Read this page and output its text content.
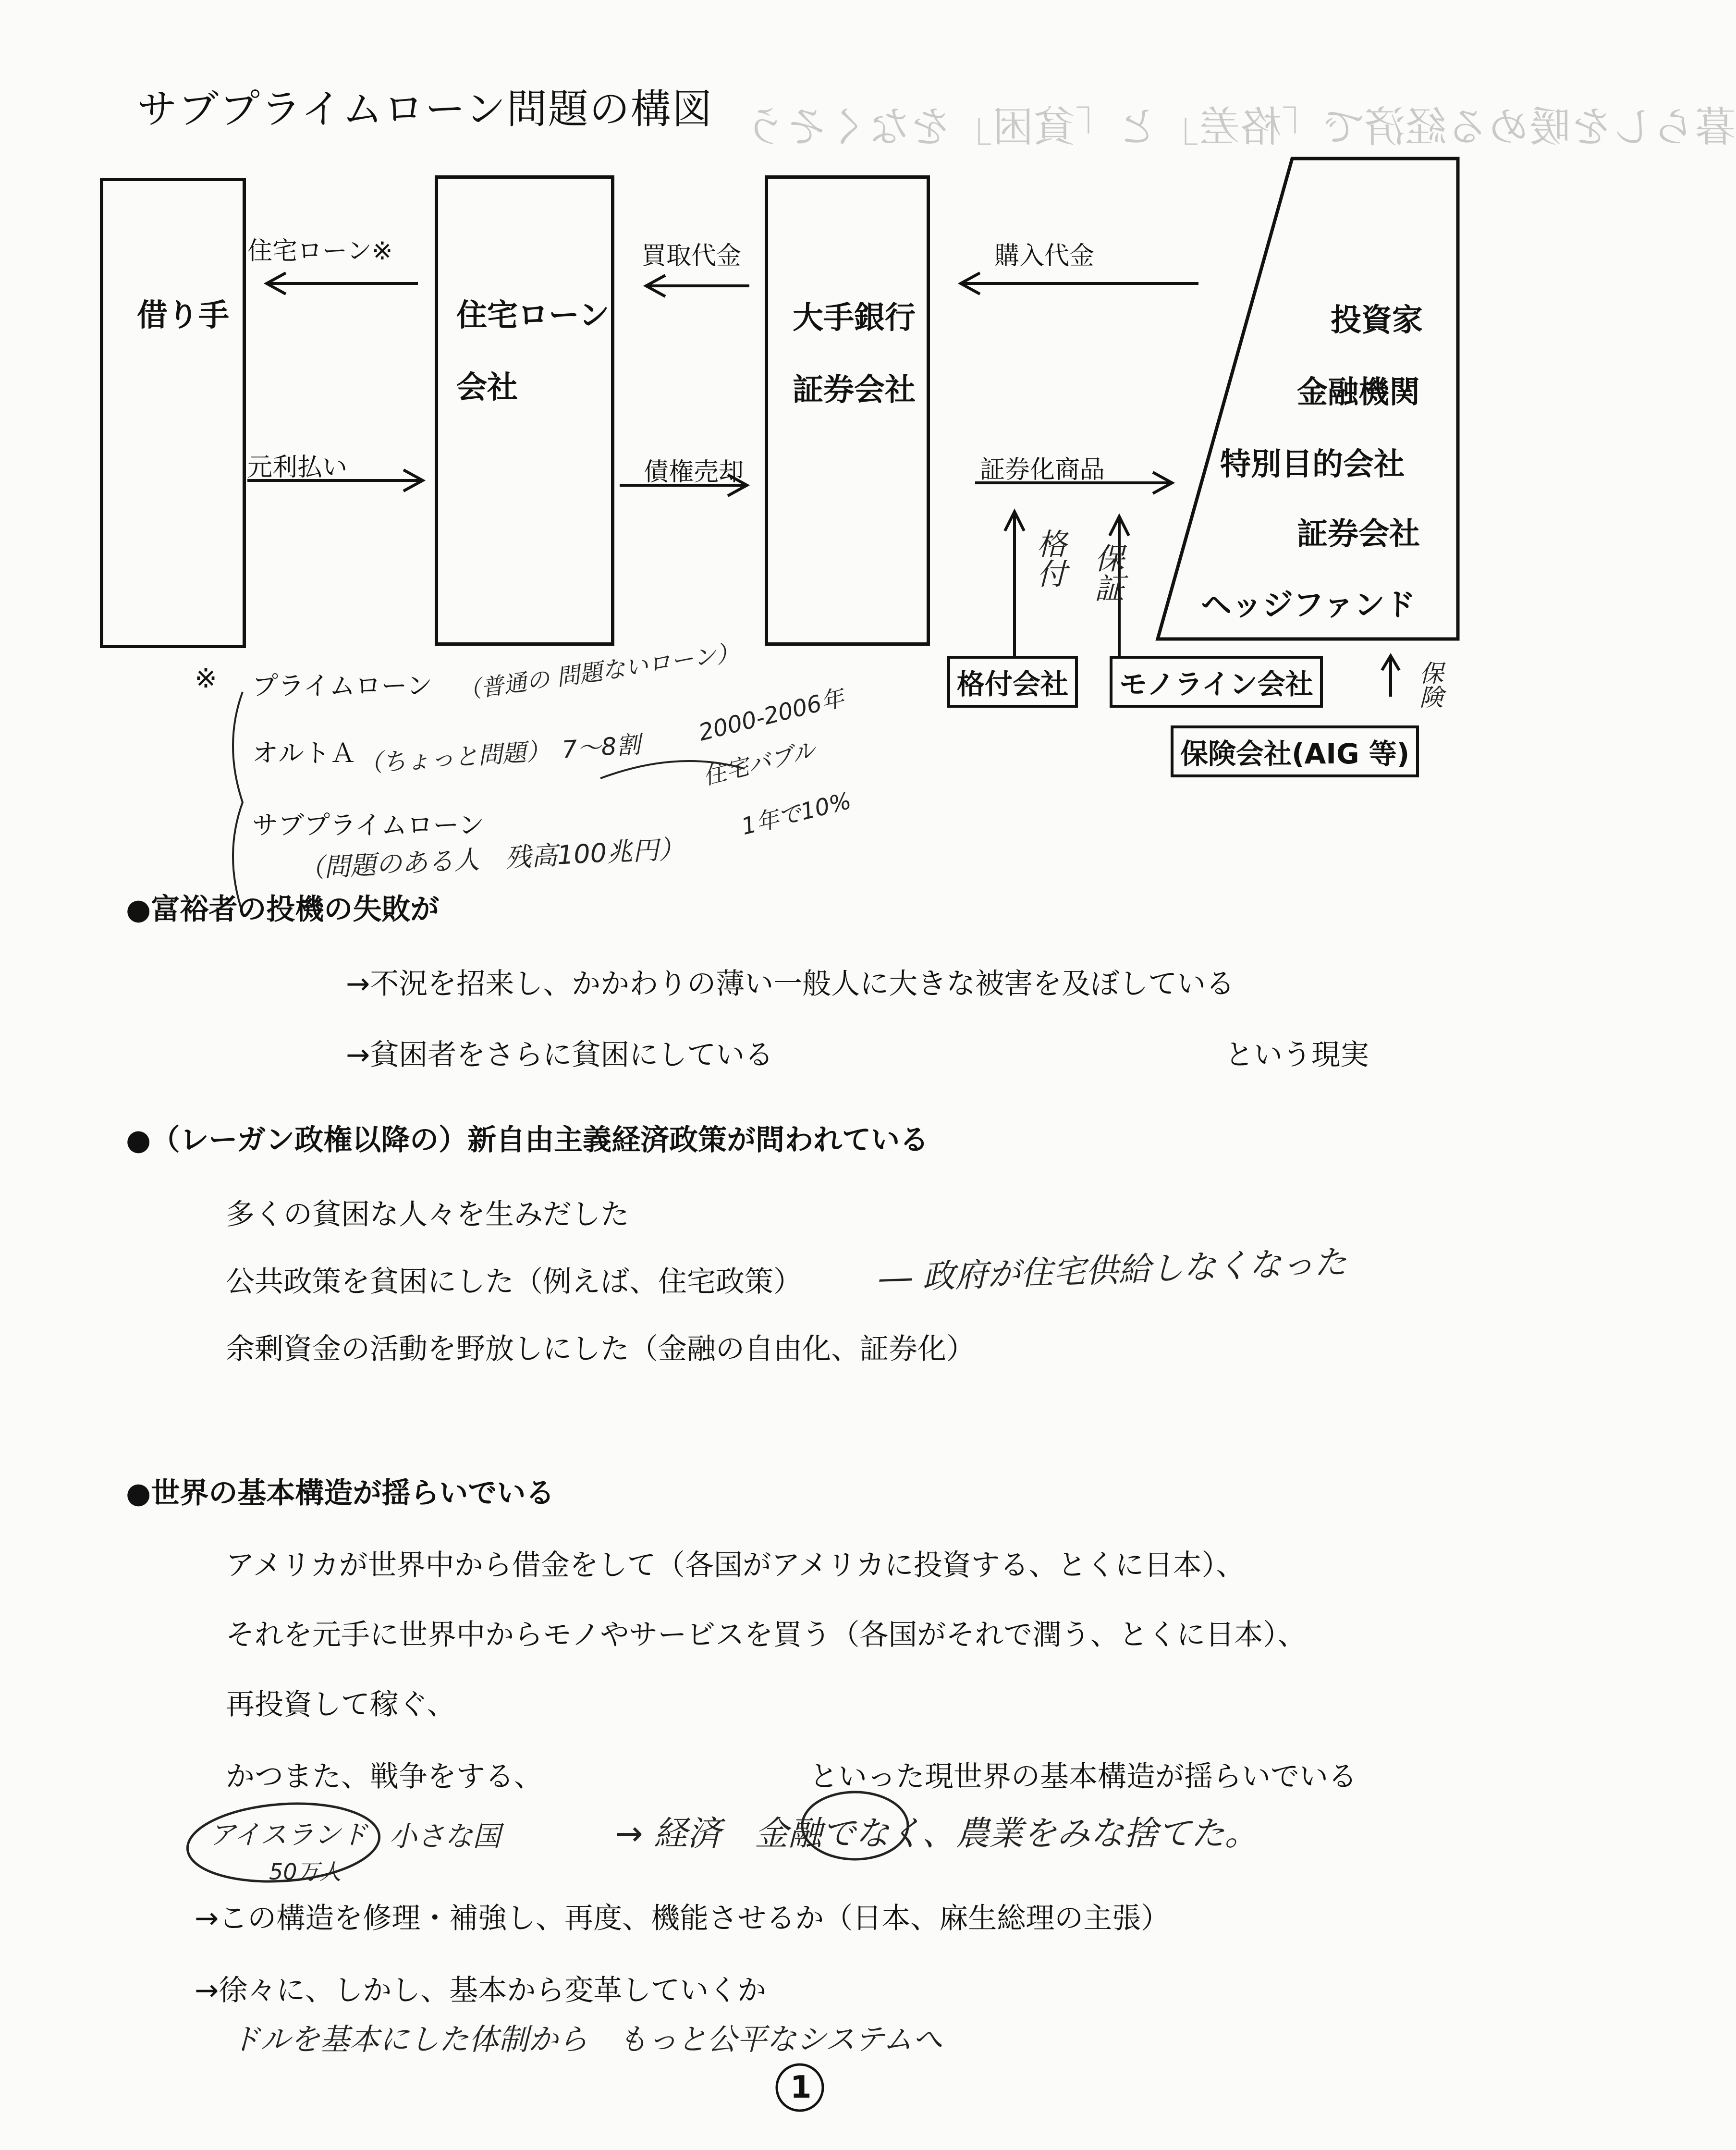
暮らしを暖める経済で「格差」と「貧困」をなくそう
サブプライムローン問題の構図
借り手	住宅ローン
会社
大手銀行
証券会社
投資家
金融機関
特別目的会社
証券会社
ヘッジファンド
住宅ローン※
元利払い
買取代金
債権売却
購入代金
証券化商品
格付 保証
保険
格付会社	モノライン会社
保険会社(AIG 等)
※ プライムローン
オルトＡ
サブプライムローン
（普通の 問題ないローン）
（ちょっと問題）　7〜8割
（問題のある人　残高100兆円）
2000-2006年
住宅バブル
1年で10%
●富裕者の投機の失敗が
→不況を招来し、かかわりの薄い一般人に大きな被害を及ぼしている
→貧困者をさらに貧困にしている	という現実
●（レーガン政権以降の）新自由主義経済政策が問われている
多くの貧困な人々を生みだした
公共政策を貧困にした（例えば、住宅政策） ― 政府が住宅供給しなくなった
余剰資金の活動を野放しにした（金融の自由化、証券化）
●世界の基本構造が揺らいでいる
アメリカが世界中から借金をして（各国がアメリカに投資する、とくに日本）、
それを元手に世界中からモノやサービスを買う（各国がそれで潤う、とくに日本）、
再投資して稼ぐ、
かつまた、戦争をする、	といった現世界の基本構造が揺らいでいる
アイスランド
50万人
小さな国	→ 経済　金融でなく、農業をみな捨てた。
→この構造を修理・補強し、再度、機能させるか（日本、麻生総理の主張）
→徐々に、しかし、基本から変革していくか
ドルを基本にした体制から　もっと公平なシステムへ
1
